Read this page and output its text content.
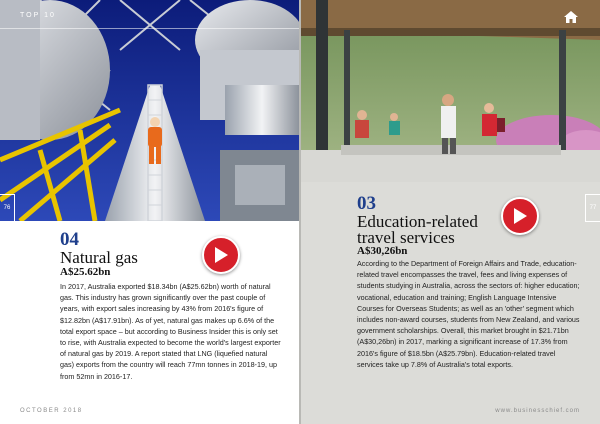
TOP 10
76
04
Natural gas
A$25.62bn

In 2017, Australia exported $18.34bn (A$25.62bn) worth of natural gas. This industry has grown significantly over the past couple of years, with export sales increasing by 43% from 2016's figure of $12.82bn (A$17.91bn). As of yet, natural gas makes up 6.6% of the total export space – but according to Business Insider this is only set to rise, with Australia expected to become the world's largest exporter of natural gas by 2019. A report stated that LNG (liquefied natural gas) exports from the country will reach 77mn tonnes in 2018-19, up from 52mn in 2016-17.

OCTOBER 2018
77
03
Education-related
travel services
A$30,26bn

According to the Department of Foreign Affairs and Trade, education-related travel encompasses the travel, fees and living expenses of students studying in Australia, across the sectors of: higher education; vocational, education and training; English Language Intensive Courses for Overseas Students; as well as an 'other' segment which includes non-award courses, students from New Zealand, and various government scholarships. Overall, this market brought in $21.71bn (A$30,26bn) in 2017, marking a significant increase of 17.3% from 2016's figure of $18.5bn (A$25.79bn). Education-related travel services take up 7.8% of Australia's total exports.

www.businesschief.com
